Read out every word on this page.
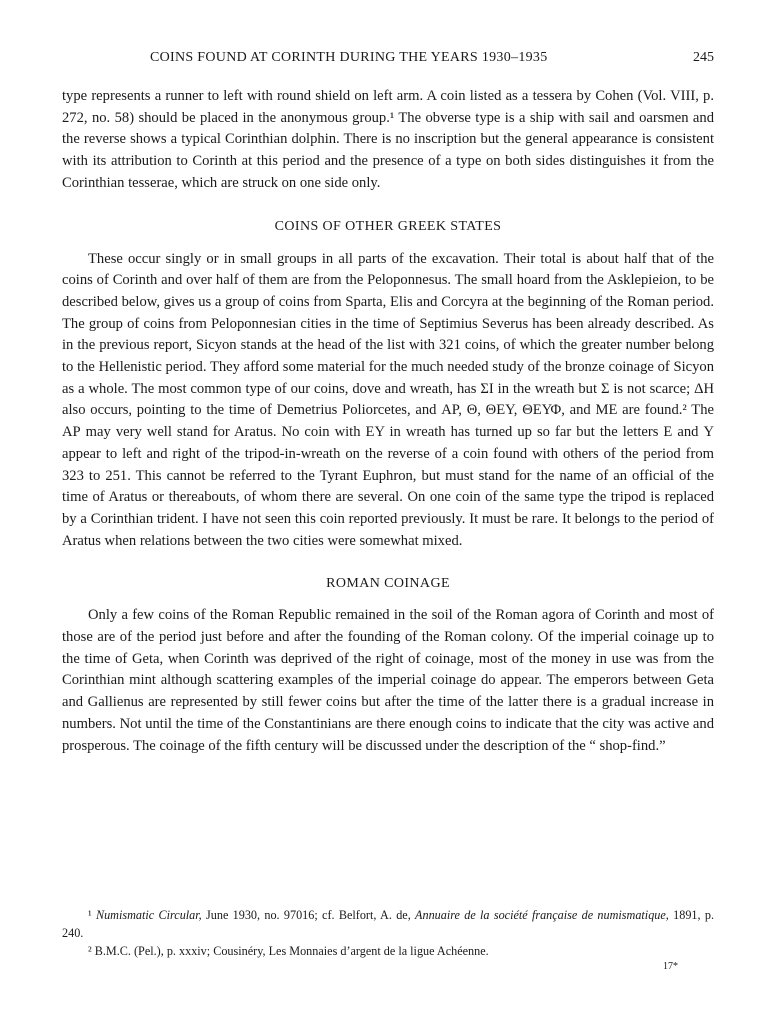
COINS FOUND AT CORINTH DURING THE YEARS 1930–1935	245

type represents a runner to left with round shield on left arm. A coin listed as a tessera by Cohen (Vol. VIII, p. 272, no. 58) should be placed in the anonymous group.¹ The obverse type is a ship with sail and oarsmen and the reverse shows a typical Corinthian dolphin. There is no inscription but the general appearance is consistent with its attribution to Corinth at this period and the presence of a type on both sides distinguishes it from the Corinthian tesserae, which are struck on one side only.

COINS OF OTHER GREEK STATES

These occur singly or in small groups in all parts of the excavation. Their total is about half that of the coins of Corinth and over half of them are from the Peloponnesus. The small hoard from the Asklepieion, to be described below, gives us a group of coins from Sparta, Elis and Corcyra at the beginning of the Roman period. The group of coins from Peloponnesian cities in the time of Septimius Severus has been already described. As in the previous report, Sicyon stands at the head of the list with 321 coins, of which the greater number belong to the Hellenistic period. They afford some material for the much needed study of the bronze coinage of Sicyon as a whole. The most common type of our coins, dove and wreath, has ΣΙ in the wreath but Σ is not scarce; ΔΗ also occurs, pointing to the time of Demetrius Poliorcetes, and ΑΡ, Θ, ΘΕΥ, ΘΕΥΦ, and ΜΕ are found.² The ΑΡ may very well stand for Aratus. No coin with ΕΥ in wreath has turned up so far but the letters Ε and Υ appear to left and right of the tripod-in-wreath on the reverse of a coin found with others of the period from 323 to 251. This cannot be referred to the Tyrant Euphron, but must stand for the name of an official of the time of Aratus or thereabouts, of whom there are several. On one coin of the same type the tripod is replaced by a Corinthian trident. I have not seen this coin reported previously. It must be rare. It belongs to the period of Aratus when relations between the two cities were somewhat mixed.

ROMAN COINAGE

Only a few coins of the Roman Republic remained in the soil of the Roman agora of Corinth and most of those are of the period just before and after the founding of the Roman colony. Of the imperial coinage up to the time of Geta, when Corinth was deprived of the right of coinage, most of the money in use was from the Corinthian mint although scattering examples of the imperial coinage do appear. The emperors between Geta and Gallienus are represented by still fewer coins but after the time of the latter there is a gradual increase in numbers. Not until the time of the Constantinians are there enough coins to indicate that the city was active and prosperous. The coinage of the fifth century will be discussed under the description of the “ shop-find.”

¹ Numismatic Circular, June 1930, no. 97016; cf. Belfort, A. de, Annuaire de la société française de numismatique, 1891, p. 240.

² B.M.C. (Pel.), p. xxxiv; Cousinéry, Les Monnaies d’argent de la ligue Achéenne.

17*
